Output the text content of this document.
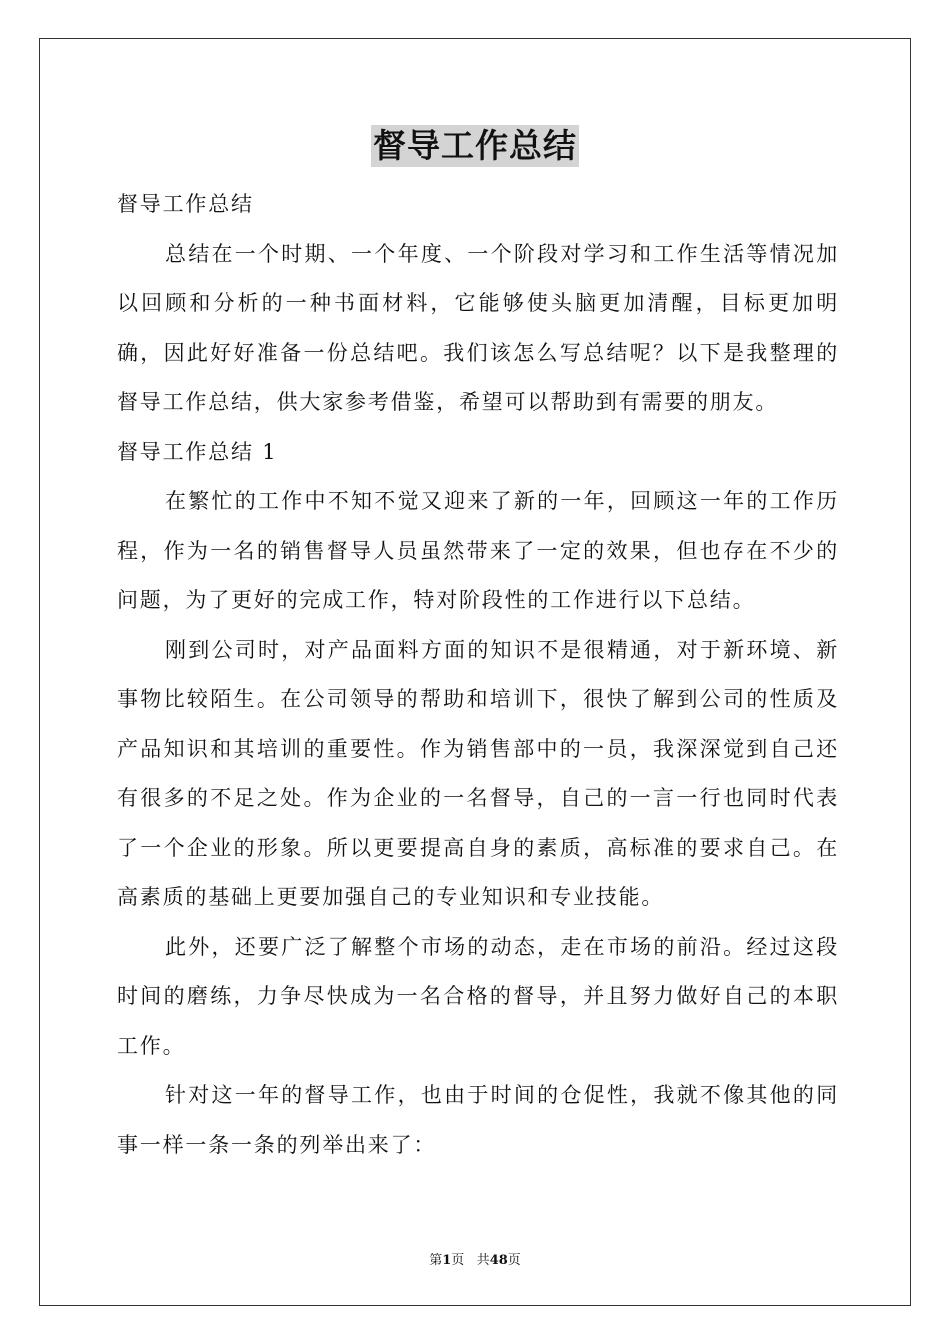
督导工作总结

督导工作总结

总结在一个时期、一个年度、一个阶段对学习和工作生活等情况加以回顾和分析的一种书面材料，它能够使头脑更加清醒，目标更加明确，因此好好准备一份总结吧。我们该怎么写总结呢？以下是我整理的督导工作总结，供大家参考借鉴，希望可以帮助到有需要的朋友。

督导工作总结 1

在繁忙的工作中不知不觉又迎来了新的一年，回顾这一年的工作历程，作为一名的销售督导人员虽然带来了一定的效果，但也存在不少的问题，为了更好的完成工作，特对阶段性的工作进行以下总结。

刚到公司时，对产品面料方面的知识不是很精通，对于新环境、新事物比较陌生。在公司领导的帮助和培训下，很快了解到公司的性质及产品知识和其培训的重要性。作为销售部中的一员，我深深觉到自己还有很多的不足之处。作为企业的一名督导，自己的一言一行也同时代表了一个企业的形象。所以更要提高自身的素质，高标准的要求自己。在高素质的基础上更要加强自己的专业知识和专业技能。

此外，还要广泛了解整个市场的动态，走在市场的前沿。经过这段时间的磨练，力争尽快成为一名合格的督导，并且努力做好自己的本职工作。

针对这一年的督导工作，也由于时间的仓促性，我就不像其他的同事一样一条一条的列举出来了：

第1页 共48页
